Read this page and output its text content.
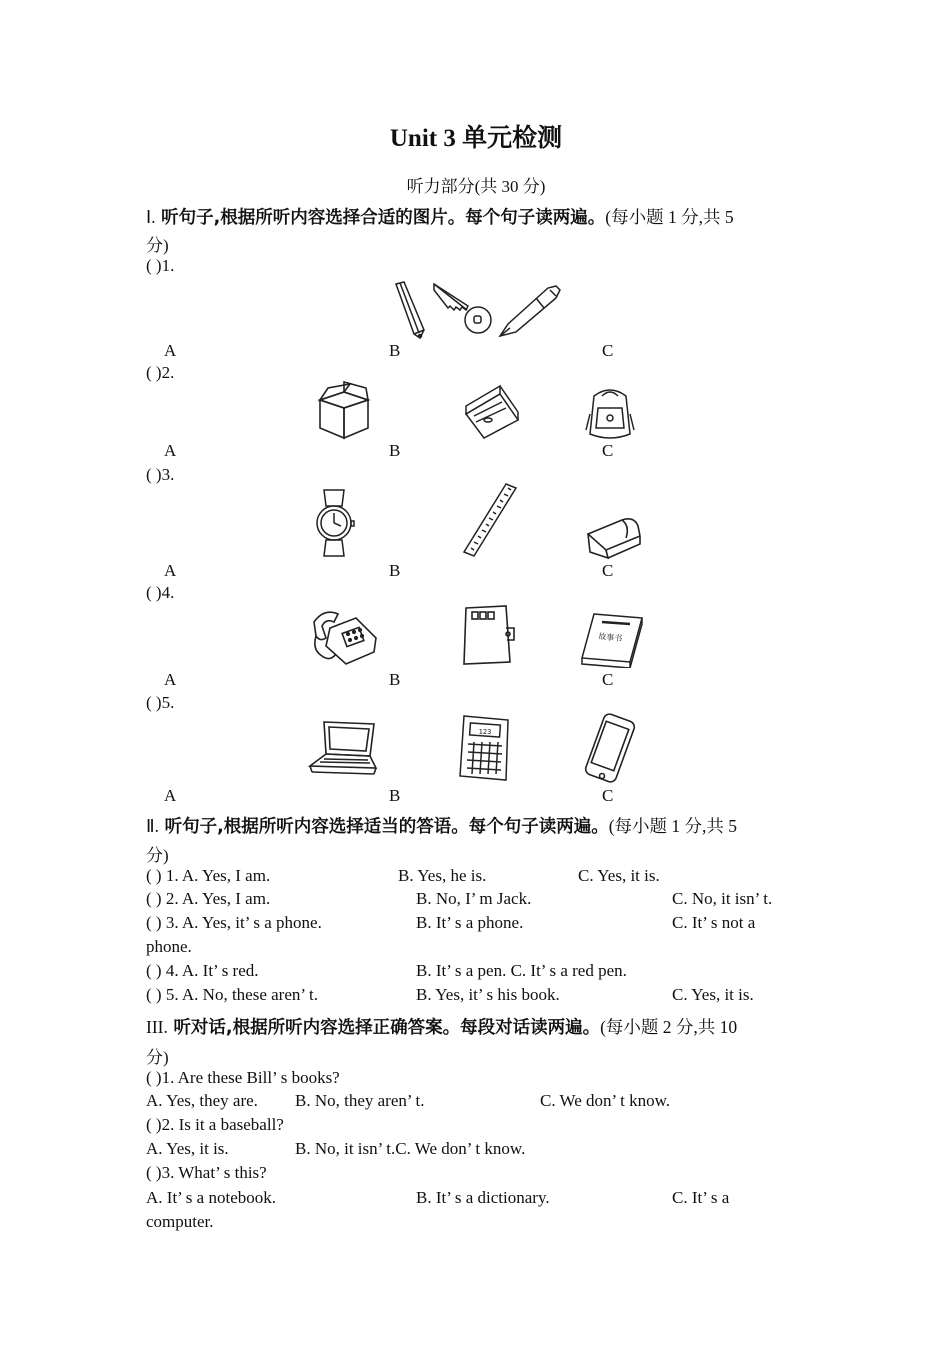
Unit 3 单元检测
听力部分(共 30 分)
Ⅰ. 听句子,根据所听内容选择合适的图片。每个句子读两遍。(每小题 1 分,共 5
分)
( )1.
A	B	C
( )2.
A	B	C
( )3.
A	B	C
( )4.
故事书
A	B	C
( )5.
123
A	B	C
Ⅱ. 听句子,根据所听内容选择适当的答语。每个句子读两遍。(每小题 1 分,共 5
分)
( ) 1. A. Yes, I am.	B. Yes, he is.	C. Yes, it is.
( ) 2. A. Yes, I am.	B. No, I’ m Jack.	C. No, it isn’ t.
( ) 3. A. Yes, it’ s a phone.	B. It’ s a phone.	C. It’ s not a
phone.
( ) 4. A. It’ s red.	B. It’ s a pen. C. It’ s a red pen.
( ) 5. A. No, these aren’ t.	B. Yes, it’ s his book.	C. Yes, it is.
III. 听对话,根据所听内容选择正确答案。每段对话读两遍。(每小题 2 分,共 10
分)
( )1. Are these Bill’ s books?
A. Yes, they are. B. No, they aren’ t.	C. We don’ t know.
( )2. Is it a baseball?
A. Yes, it is.	B. No, it isn’ t.C. We don’ t know.
( )3. What’ s this?
A. It’ s a notebook.	B. It’ s a dictionary.	C. It’ s a
computer.
